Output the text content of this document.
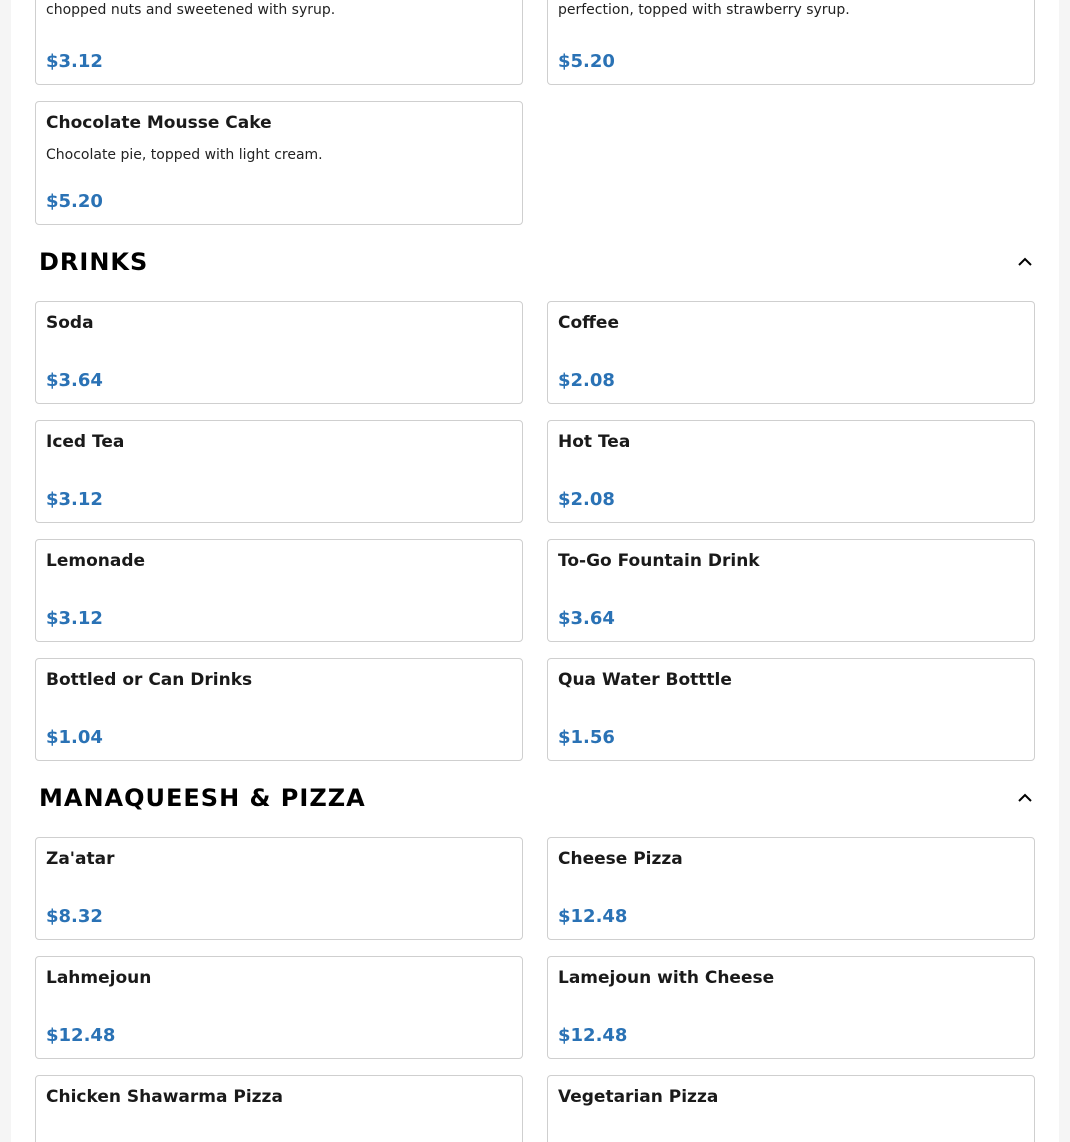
chopped nuts and sweetened with syrup.
$3.12
perfection, topped with strawberry syrup.
$5.20
Chocolate Mousse Cake
Chocolate pie, topped with light cream.
$5.20
DRINKS
Soda
$3.64
Coffee
$2.08
Iced Tea
$3.12
Hot Tea
$2.08
Lemonade
$3.12
To-Go Fountain Drink
$3.64
Bottled or Can Drinks
$1.04
Qua Water Botttle
$1.56
MANAQUEESH & PIZZA
Za'atar
$8.32
Cheese Pizza
$12.48
Lahmejoun
$12.48
Lamejoun with Cheese
$12.48
Chicken Shawarma Pizza	Vegetarian Pizza
